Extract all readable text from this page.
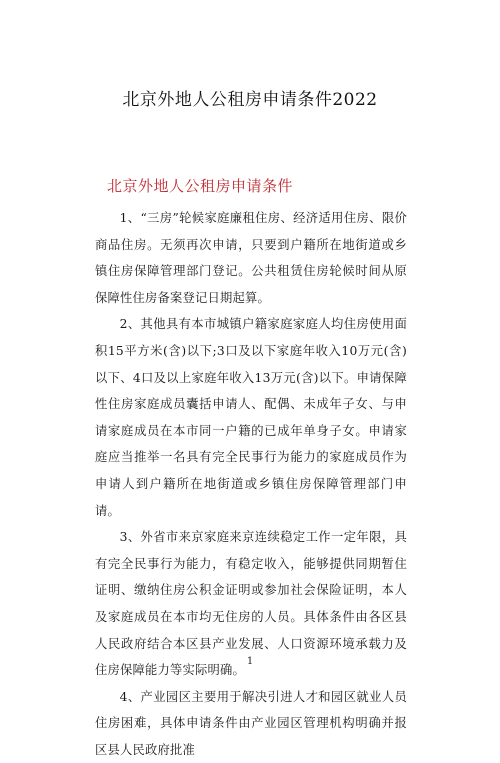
北京外地人公租房申请条件2022
北京外地人公租房申请条件

1、“三房”轮候家庭廉租住房、经济适用住房、限价商品住房。无须再次申请，只要到户籍所在地街道或乡镇住房保障管理部门登记。公共租赁住房轮候时间从原保障性住房备案登记日期起算。

2、其他具有本市城镇户籍家庭家庭人均住房使用面积15平方米(含)以下;3口及以下家庭年收入10万元(含)以下、4口及以上家庭年收入13万元(含)以下。申请保障性住房家庭成员囊括申请人、配偶、未成年子女、与申请家庭成员在本市同一户籍的已成年单身子女。申请家庭应当推举一名具有完全民事行为能力的家庭成员作为申请人到户籍所在地街道或乡镇住房保障管理部门申请。

3、外省市来京家庭来京连续稳定工作一定年限，具有完全民事行为能力，有稳定收入，能够提供同期暂住证明、缴纳住房公积金证明或参加社会保险证明，本人及家庭成员在本市均无住房的人员。具体条件由各区县人民政府结合本区县产业发展、人口资源环境承载力及住房保障能力等实际明确。

4、产业园区主要用于解决引进人才和园区就业人员住房困难，具体申请条件由产业园区管理机构明确并报区县人民政府批准

1
